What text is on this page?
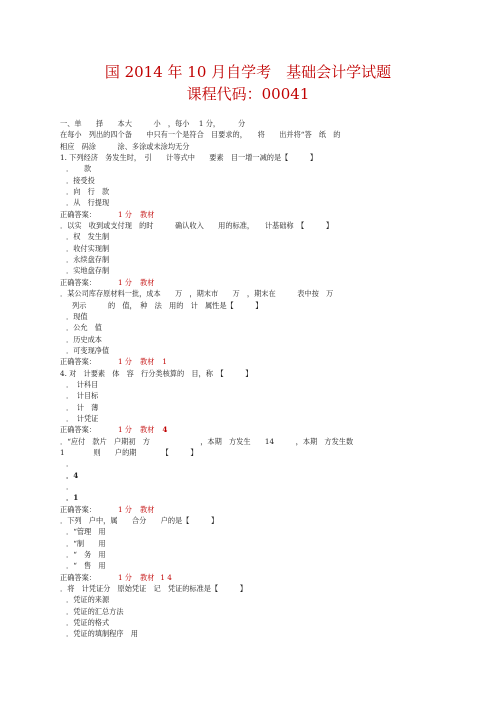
国 2014 年 10 月自学考　基础会计学试题
课程代码：00041
一、单　　择　　本大　　　小　，每小　 1 分，　　　分
在每小　列出的四个备　　中只有一个是符合　目要求的，　　将　　出并将“答　纸　的
相应　码涂　　　涂、多涂或未涂均无分
1. 下列经济　务发生时，　引　　计等式中　　要素　目一增一减的是【　　　】
．　　款
．接受投
．向　行　款
．从　行提现
正确答案：	1 分 教材
．以实　收到或支付现　的时　　　确认收入　　用的标准，　　计基础称　【　　　】
．权　发生制
．收付实现制
．永续盘存制
．实地盘存制
正确答案：	1 分 教材
．某公司库存原材料一批，成本　　万　，期末市　　万　，期末在　　　表中按　万
列示　　　的　值，　种　法　用的　计　属性是【　　　】
．现值
．公允　值
．历史成本
．可变现净值
正确答案：	1 分 教材 1
4. 对　计要素　体　容　行分类核算的　目，称　【　　　】
．　计科目
．　计目标
．　计　薄
．　计凭证
正确答案：	1 分 教材 4
．“应付　款片　户期初　方　　　　　　　，本期　方发生　　14　　　，本期　方发生数
1　　　　则　　户的期　　　　【　　　】
．
．4
．
．1
正确答案：	1 分 教材
．下列　户中，属　　合分　　户的是【　　　】
．“管理　用
．“制　　用
．“　务　用
．“　售　用
正确答案：	1 分 教材 1 4
．将　计凭证分　原始凭证　记　凭证的标准是【　　　】
．凭证的来源
．凭证的汇总方法
．凭证的格式
．凭证的填制程序　用
